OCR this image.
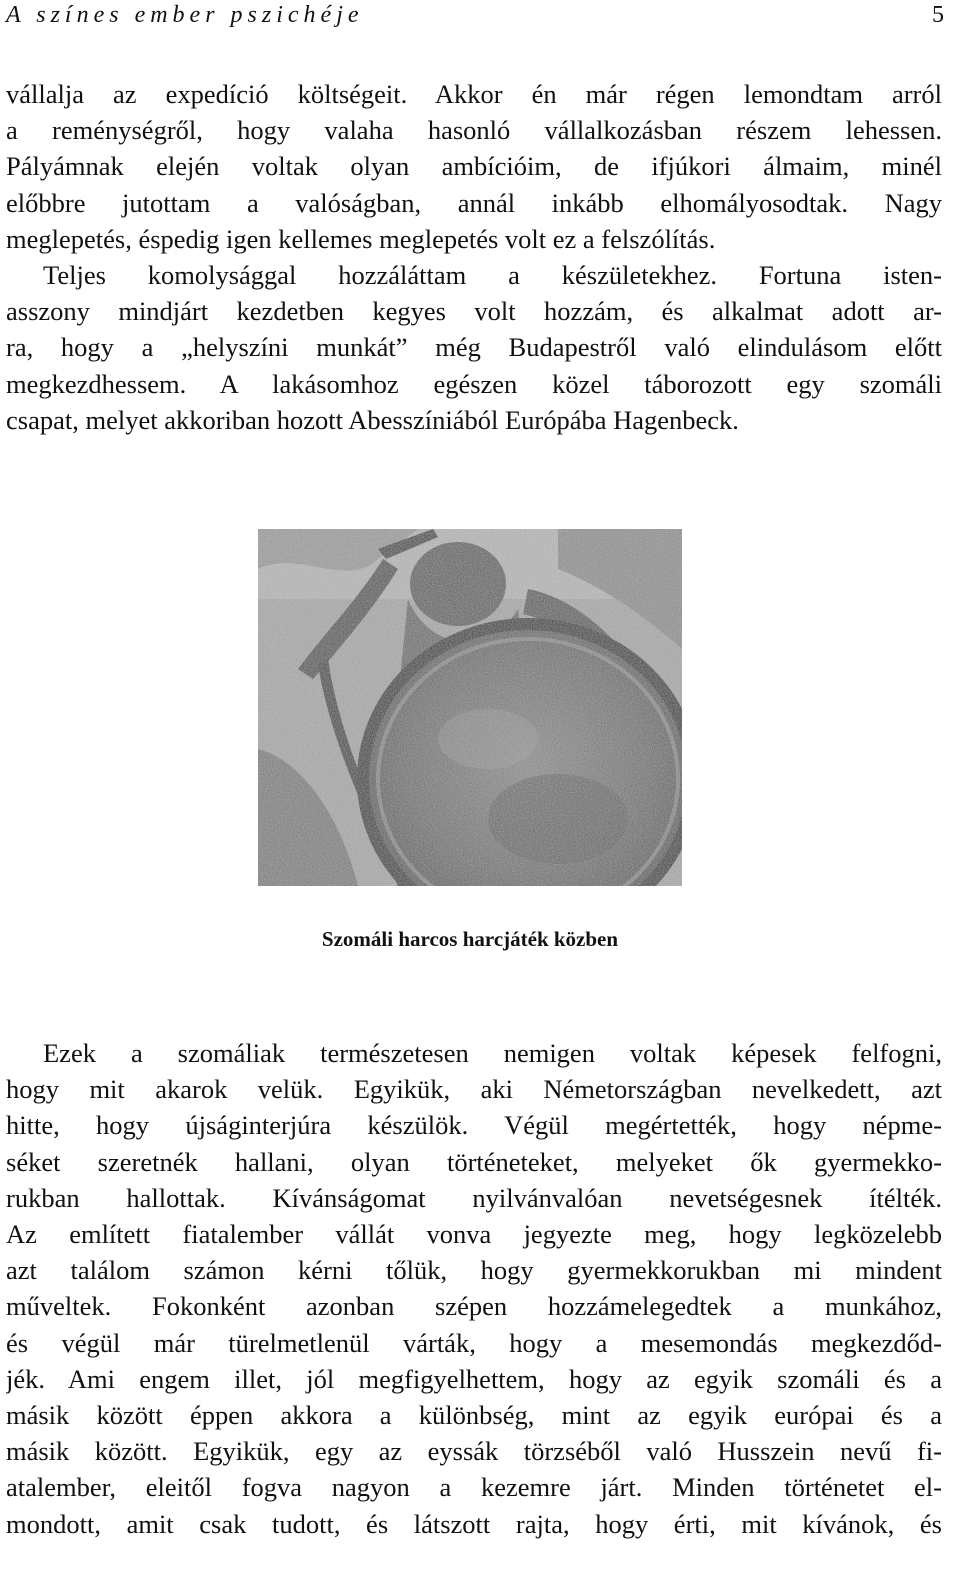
A színes ember pszichéje	5
vállalja az expedíció költségeit. Akkor én már régen lemondtam arról
a reménységről, hogy valaha hasonló vállalkozásban részem lehessen.
Pályámnak elején voltak olyan ambícióim, de ifjúkori álmaim, minél
előbbre jutottam a valóságban, annál inkább elhomályosodtak. Nagy
meglepetés, éspedig igen kellemes meglepetés volt ez a felszólítás.
Teljes komolysággal hozzáláttam a készületekhez. Fortuna isten-
asszony mindjárt kezdetben kegyes volt hozzám, és alkalmat adott ar-
ra, hogy a „helyszíni munkát” még Budapestről való elindulásom előtt
megkezdhessem. A lakásomhoz egészen közel táborozott egy szomáli
csapat, melyet akkoriban hozott Abesszíniából Európába Hagenbeck.
Szomáli harcos harcjáték közben
Ezek a szomáliak természetesen nemigen voltak képesek felfogni,
hogy mit akarok velük. Egyikük, aki Németországban nevelkedett, azt
hitte, hogy újságinterjúra készülök. Végül megértették, hogy népme-
séket szeretnék hallani, olyan történeteket, melyeket ők gyermekko-
rukban hallottak. Kívánságomat nyilvánvalóan nevetségesnek ítélték.
Az említett fiatalember vállát vonva jegyezte meg, hogy legközelebb
azt találom számon kérni tőlük, hogy gyermekkorukban mi mindent
műveltek. Fokonként azonban szépen hozzámelegedtek a munkához,
és végül már türelmetlenül várták, hogy a mesemondás megkezdőd-
jék. Ami engem illet, jól megfigyelhettem, hogy az egyik szomáli és a
másik között éppen akkora a különbség, mint az egyik európai és a
másik között. Egyikük, egy az eyssák törzséből való Husszein nevű fi-
atalember, eleitől fogva nagyon a kezemre járt. Minden történetet el-
mondott, amit csak tudott, és látszott rajta, hogy érti, mit kívánok, és
